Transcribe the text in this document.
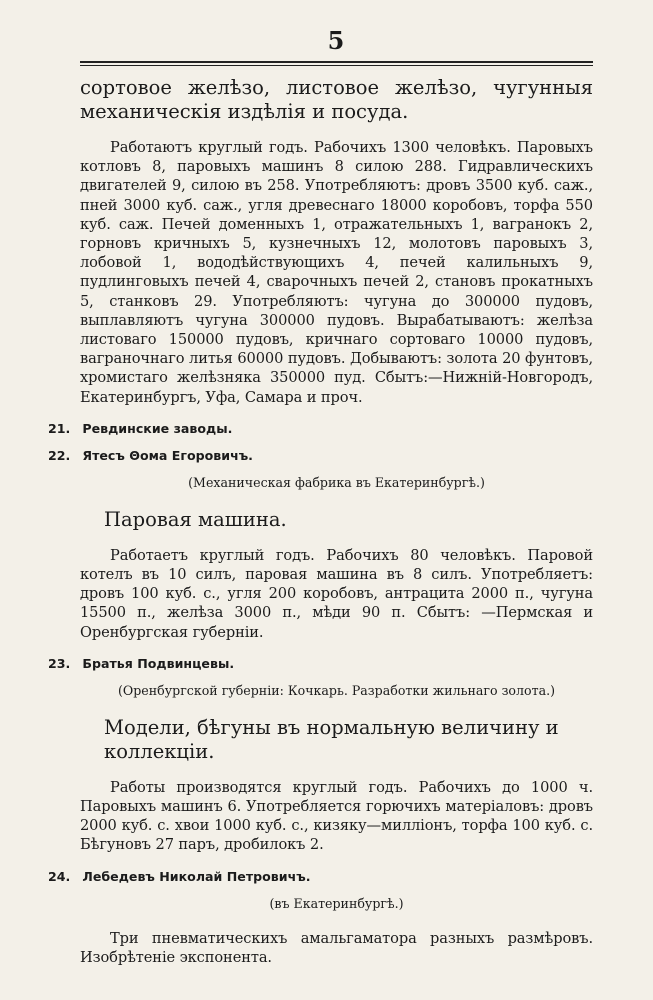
5

сортовое желѣзо, листовое желѣзо, чугунныя механическія издѣлія и посуда.

Работаютъ круглый годъ. Рабочихъ 1300 человѣкъ. Паровыхъ котловъ 8, паровыхъ машинъ 8 силою 288. Гидравлическихъ двигателей 9, силою въ 258. Употребляютъ: дровъ 3500 куб. саж., пней 3000 куб. саж., угля древеснаго 18000 коробовъ, торфа 550 куб. саж. Печей доменныхъ 1, отражательныхъ 1, вагранокъ 2, горновъ кричныхъ 5, кузнечныхъ 12, молотовъ паровыхъ 3, лобовой 1, вододѣйствующихъ 4, печей калильныхъ 9, пудлинговыхъ печей 4, сварочныхъ печей 2, становъ прокатныхъ 5, станковъ 29. Употребляютъ: чугуна до 300000 пудовъ, выплавляютъ чугуна 300000 пудовъ. Вырабатываютъ: желѣза листоваго 150000 пудовъ, кричнаго сортоваго 10000 пудовъ, ваграночнаго литья 60000 пудовъ. Добываютъ: золота 20 фунтовъ, хромистаго желѣзняка 350000 пуд. Сбытъ:—Нижній-Новгородъ, Екатеринбургъ, Уфа, Самара и проч.

21. Ревдинские заводы.
22. Ятесъ Θома Егоровичъ.
(Механическая фабрика въ Екатеринбургѣ.)
Паровая машина.

Работаетъ круглый годъ. Рабочихъ 80 человѣкъ. Паровой котелъ въ 10 силъ, паровая машина въ 8 силъ. Употребляетъ: дровъ 100 куб. с., угля 200 коробовъ, антрацита 2000 п., чугуна 15500 п., желѣза 3000 п., мѣди 90 п. Сбытъ: —Пермская и Оренбургская губерніи.

23. Братья Подвинцевы.
(Оренбургской губерніи: Кочкарь. Разработки жильнаго золота.)
Модели, бѣгуны въ нормальную величину и коллекціи.

Работы производятся круглый годъ. Рабочихъ до 1000 ч. Паровыхъ машинъ 6. Употребляется горючихъ матеріаловъ: дровъ 2000 куб. с. хвои 1000 куб. с., кизяку—милліонъ, торфа 100 куб. с. Бѣгуновъ 27 паръ, дробилокъ 2.

24. Лебедевъ Николай Петровичъ.
(въ Екатеринбургѣ.)

Три пневматическихъ амальгаматора разныхъ размѣровъ. Изобрѣтеніе экспонента.
